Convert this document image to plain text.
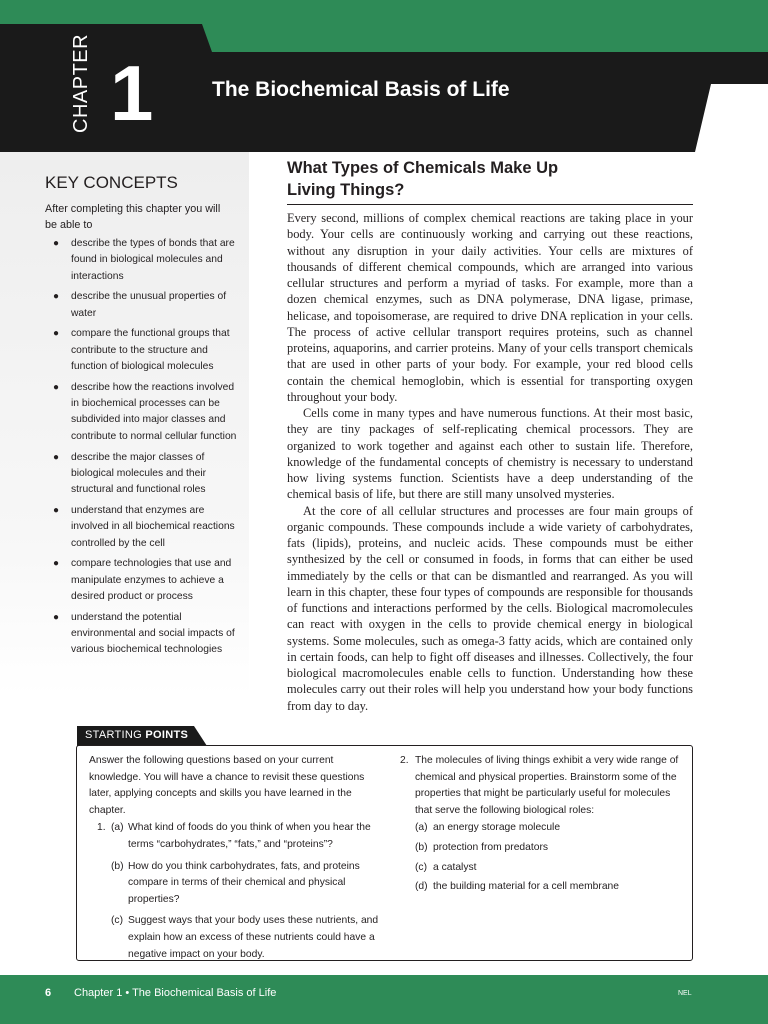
CHAPTER 1	The Biochemical Basis of Life
KEY CONCEPTS
After completing this chapter you will be able to
● describe the types of bonds that are found in biological molecules and interactions
● describe the unusual properties of water
● compare the functional groups that contribute to the structure and function of biological molecules
● describe how the reactions involved in biochemical processes can be subdivided into major classes and contribute to normal cellular function
● describe the major classes of biological molecules and their structural and functional roles
● understand that enzymes are involved in all biochemical reactions controlled by the cell
● compare technologies that use and manipulate enzymes to achieve a desired product or process
● understand the potential environmental and social impacts of various biochemical technologies
What Types of Chemicals Make Up Living Things?

Every second, millions of complex chemical reactions are taking place in your body. Your cells are continuously working and carrying out these reactions, without any disruption in your daily activities. Your cells are mixtures of thousands of different chemical compounds, which are arranged into various cellular structures and perform a myriad of tasks. For example, more than a dozen chemical enzymes, such as DNA polymerase, DNA ligase, primase, helicase, and topoisomerase, are required to drive DNA replication in your cells. The process of active cellular transport requires proteins, such as channel proteins, aquaporins, and carrier proteins. Many of your cells transport chemicals that are used in other parts of your body. For example, your red blood cells contain the chemical hemoglobin, which is essential for transporting oxygen throughout your body.

Cells come in many types and have numerous functions. At their most basic, they are tiny packages of self-replicating chemical processors. They are organized to work together and against each other to sustain life. Therefore, knowledge of the fundamental concepts of chemistry is necessary to understand how living systems function. Scientists have a deep understanding of the chemical basis of life, but there are still many unsolved mysteries.

At the core of all cellular structures and processes are four main groups of organic compounds. These compounds include a wide variety of carbohydrates, fats (lipids), proteins, and nucleic acids. These compounds must be either synthesized by the cell or consumed in foods, in forms that can either be used immediately by the cells or that can be dismantled and rearranged. As you will learn in this chapter, these four types of compounds are responsible for thousands of functions and interactions performed by the cells. Biological macromolecules can react with oxygen in the cells to provide chemical energy in biological systems. Some molecules, such as omega-3 fatty acids, which are contained only in certain foods, can help to fight off diseases and illnesses. Collectively, the four biological macromolecules enable cells to function. Understanding how these molecules carry out their roles will help you understand how your body functions from day to day.

STARTING POINTS

Answer the following questions based on your current knowledge. You will have a chance to revisit these questions later, applying concepts and skills you have learned in the chapter.

1. (a) What kind of foods do you think of when you hear the terms “carbohydrates,” “fats,” and “proteins”?
(b) How do you think carbohydrates, fats, and proteins compare in terms of their chemical and physical properties?
(c) Suggest ways that your body uses these nutrients, and explain how an excess of these nutrients could have a negative impact on your body.
2. The molecules of living things exhibit a very wide range of chemical and physical properties. Brainstorm some of the properties that might be particularly useful for molecules that serve the following biological roles:
(a) an energy storage molecule
(b) protection from predators
(c) a catalyst
(d) the building material for a cell membrane
6 Chapter 1 • The Biochemical Basis of Life	NEL
